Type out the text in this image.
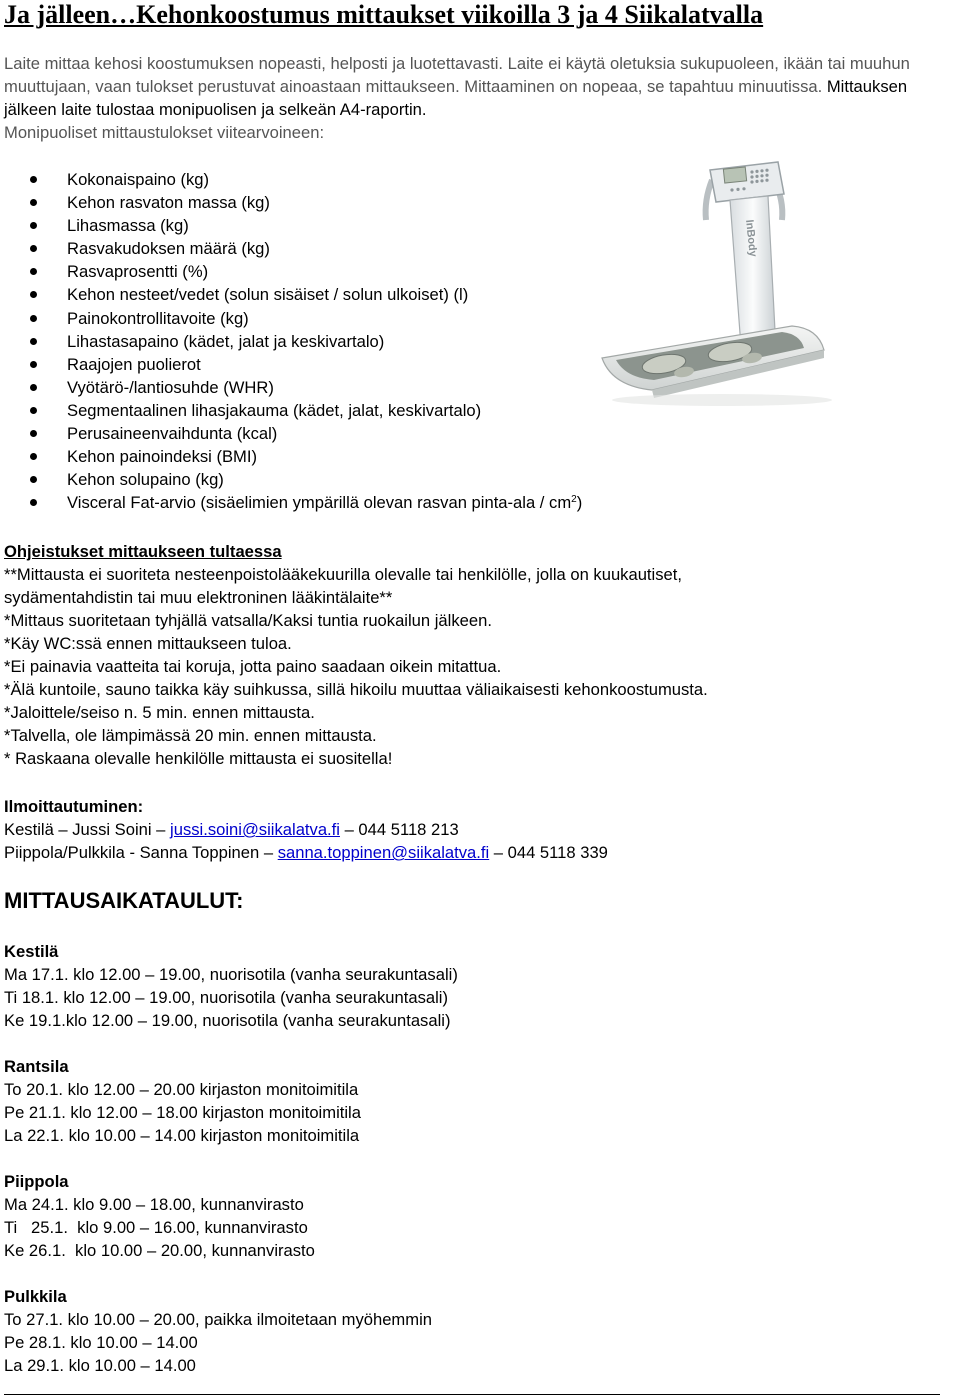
Ja jälleen…Kehonkoostumus mittaukset viikoilla 3 ja 4 Siikalatvalla
Laite mittaa kehosi koostumuksen nopeasti, helposti ja luotettavasti. Laite ei käytä oletuksia sukupuoleen, ikään tai muuhun muuttujaan, vaan tulokset perustuvat ainoastaan mittaukseen. Mittaaminen on nopeaa, se tapahtuu minuutissa. Mittauksen jälkeen laite tulostaa monipuolisen ja selkeän A4-raportin.
Monipuoliset mittaustulokset viitearvoineen:
Kokonaispaino (kg)
Kehon rasvaton massa (kg)
Lihasmassa (kg)
Rasvakudoksen määrä (kg)
Rasvaprosentti (%)
Kehon nesteet/vedet (solun sisäiset / solun ulkoiset) (l)
Painokontrollitavoite (kg)
Lihastasapaino (kädet, jalat ja keskivartalo)
Raajojen puolierot
Vyötärö-/lantiosuhde (WHR)
Segmentaalinen lihasjakauma (kädet, jalat, keskivartalo)
Perusaineenvaihdunta (kcal)
Kehon painoindeksi (BMI)
Kehon solupaino (kg)
Visceral Fat-arvio (sisäelimien ympärillä olevan rasvan pinta-ala / $cm^2$)
InBody
Ohjeistukset mittaukseen tultaessa
**Mittausta ei suoriteta nesteenpoistolääkekuurilla olevalle tai henkilölle, jolla on kuukautiset,
sydämentahdistin tai muu elektroninen lääkintälaite**
*Mittaus suoritetaan tyhjällä vatsalla/Kaksi tuntia ruokailun jälkeen.
*Käy WC:ssä ennen mittaukseen tuloa.
*Ei painavia vaatteita tai koruja, jotta paino saadaan oikein mitattua.
*Älä kuntoile, sauno taikka käy suihkussa, sillä hikoilu muuttaa väliaikaisesti kehonkoostumusta.
*Jaloittele/seiso n. 5 min. ennen mittausta.
*Talvella, ole lämpimässä 20 min. ennen mittausta.
* Raskaana olevalle henkilölle mittausta ei suositella!
Ilmoittautuminen:
Kestilä – Jussi Soini – jussi.soini@siikalatva.fi – 044 5118 213
Piippola/Pulkkila - Sanna Toppinen – sanna.toppinen@siikalatva.fi – 044 5118 339
MITTAUSAIKATAULUT:
Kestilä
Ma 17.1. klo 12.00 – 19.00, nuorisotila (vanha seurakuntasali)
Ti 18.1. klo 12.00 – 19.00, nuorisotila (vanha seurakuntasali)
Ke 19.1.klo 12.00 – 19.00, nuorisotila (vanha seurakuntasali)
Rantsila
To 20.1. klo 12.00 – 20.00 kirjaston monitoimitila
Pe 21.1. klo 12.00 – 18.00 kirjaston monitoimitila
La 22.1. klo 10.00 – 14.00 kirjaston monitoimitila
Piippola
Ma 24.1. klo 9.00 – 18.00, kunnanvirasto
Ti   25.1.  klo 9.00 – 16.00, kunnanvirasto
Ke 26.1.  klo 10.00 – 20.00, kunnanvirasto
Pulkkila
To 27.1. klo 10.00 – 20.00, paikka ilmoitetaan myöhemmin
Pe 28.1. klo 10.00 – 14.00
La 29.1. klo 10.00 – 14.00
